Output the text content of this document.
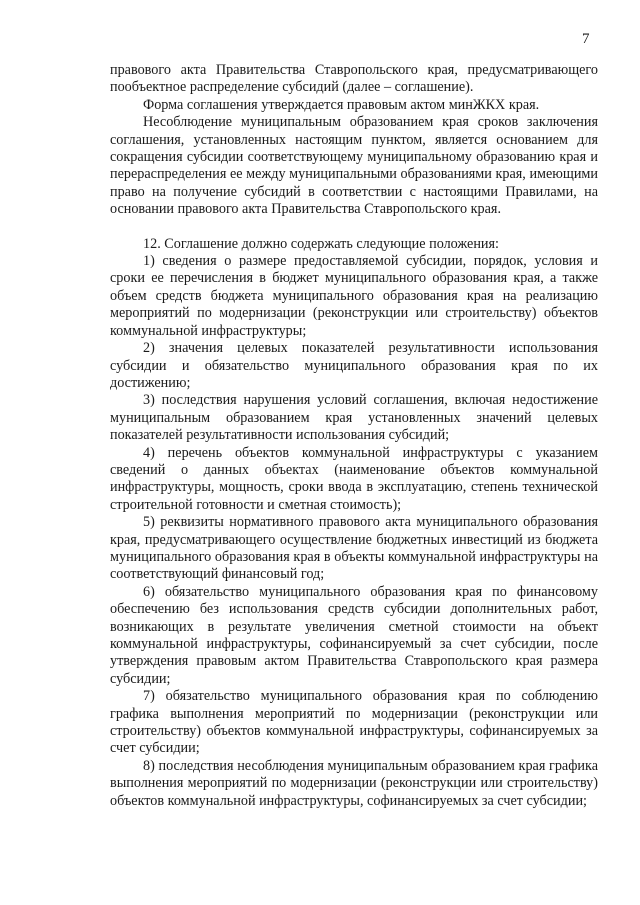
7

правового акта Правительства Ставропольского края, предусматривающего пообъектное распределение субсидий (далее – соглашение).

Форма соглашения утверждается правовым актом минЖКХ края.

Несоблюдение муниципальным образованием края сроков заключения соглашения, установленных настоящим пунктом, является основанием для сокращения субсидии соответствующему муниципальному образованию края и перераспределения ее между муниципальными образованиями края, имеющими право на получение субсидий в соответствии с настоящими Правилами, на основании правового акта Правительства Ставропольского края.

12. Соглашение должно содержать следующие положения:

1) сведения о размере предоставляемой субсидии, порядок, условия и сроки ее перечисления в бюджет муниципального образования края, а также объем средств бюджета муниципального образования края на реализацию мероприятий по модернизации (реконструкции или строительству) объектов коммунальной инфраструктуры;

2) значения целевых показателей результативности использования субсидии и обязательство муниципального образования края по их достижению;

3) последствия нарушения условий соглашения, включая недостижение муниципальным образованием края установленных значений целевых показателей результативности использования субсидий;

4) перечень объектов коммунальной инфраструктуры с указанием сведений о данных объектах (наименование объектов коммунальной инфраструктуры, мощность, сроки ввода в эксплуатацию, степень технической строительной готовности и сметная стоимость);

5) реквизиты нормативного правового акта муниципального образования края, предусматривающего осуществление бюджетных инвестиций из бюджета муниципального образования края в объекты коммунальной инфраструктуры на соответствующий финансовый год;

6) обязательство муниципального образования края по финансовому обеспечению без использования средств субсидии дополнительных работ, возникающих в результате увеличения сметной стоимости на объект коммунальной инфраструктуры, софинансируемый за счет субсидии, после утверждения правовым актом Правительства Ставропольского края размера субсидии;

7) обязательство муниципального образования края по соблюдению графика выполнения мероприятий по модернизации (реконструкции или строительству) объектов коммунальной инфраструктуры, софинансируемых за счет субсидии;

8) последствия несоблюдения муниципальным образованием края графика выполнения мероприятий по модернизации (реконструкции или строительству) объектов коммунальной инфраструктуры, софинансируемых за счет субсидии;
